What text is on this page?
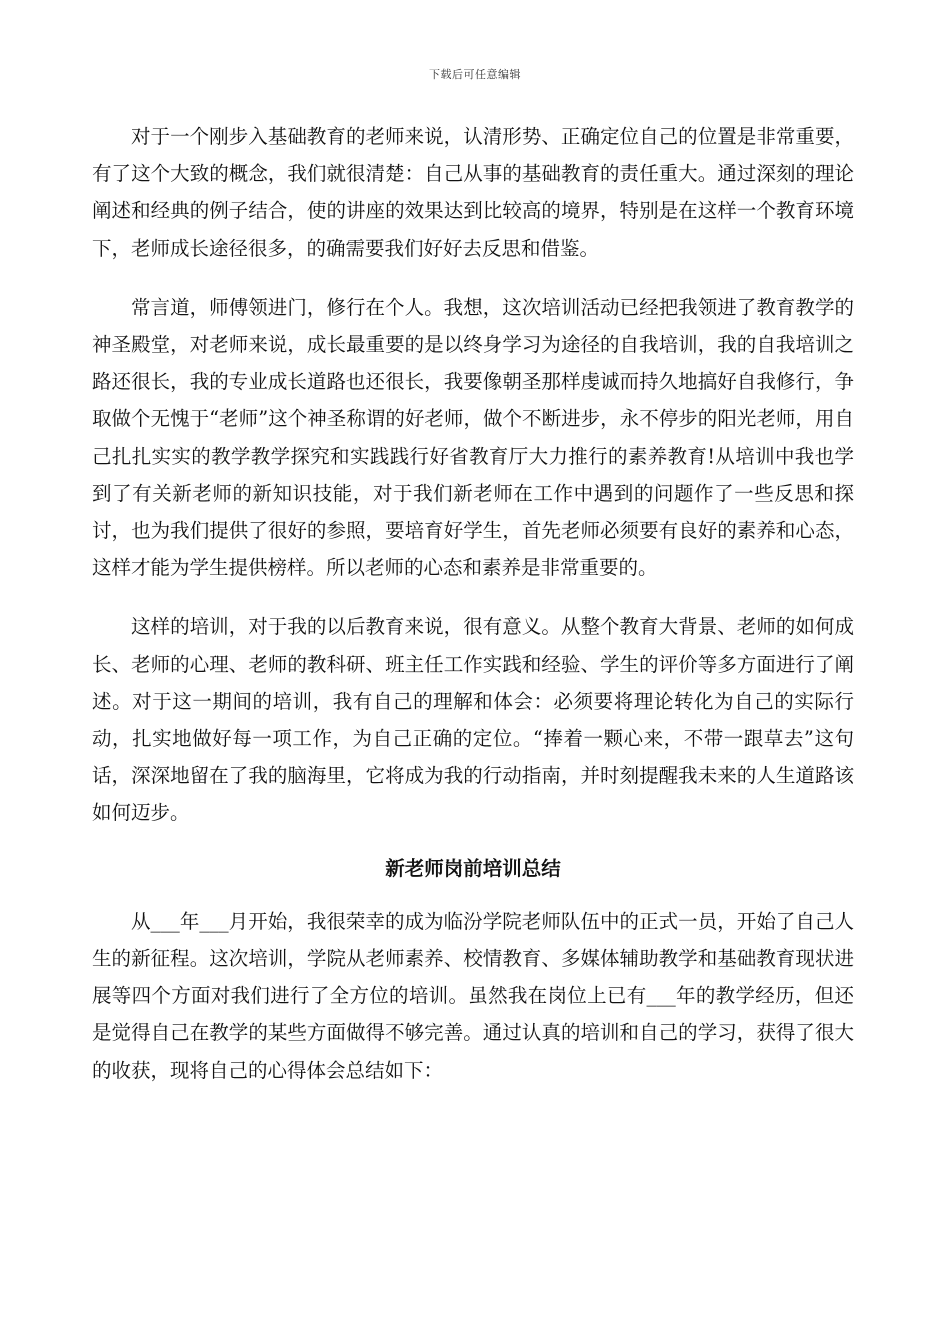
下载后可任意编辑

对于一个刚步入基础教育的老师来说，认清形势、正确定位自己的位置是非常重要，有了这个大致的概念，我们就很清楚：自己从事的基础教育的责任重大。通过深刻的理论阐述和经典的例子结合，使的讲座的效果达到比较高的境界，特别是在这样一个教育环境下，老师成长途径很多，的确需要我们好好去反思和借鉴。

常言道，师傅领进门，修行在个人。我想，这次培训活动已经把我领进了教育教学的神圣殿堂，对老师来说，成长最重要的是以终身学习为途径的自我培训，我的自我培训之路还很长，我的专业成长道路也还很长，我要像朝圣那样虔诚而持久地搞好自我修行，争取做个无愧于“老师”这个神圣称谓的好老师，做个不断进步，永不停步的阳光老师，用自己扎扎实实的教学教学探究和实践践行好省教育厅大力推行的素养教育!从培训中我也学到了有关新老师的新知识技能，对于我们新老师在工作中遇到的问题作了一些反思和探讨，也为我们提供了很好的参照，要培育好学生，首先老师必须要有良好的素养和心态，这样才能为学生提供榜样。所以老师的心态和素养是非常重要的。

这样的培训，对于我的以后教育来说，很有意义。从整个教育大背景、老师的如何成长、老师的心理、老师的教科研、班主任工作实践和经验、学生的评价等多方面进行了阐述。对于这一期间的培训，我有自己的理解和体会：必须要将理论转化为自己的实际行动，扎实地做好每一项工作，为自己正确的定位。“捧着一颗心来，不带一跟草去”这句话，深深地留在了我的脑海里，它将成为我的行动指南，并时刻提醒我未来的人生道路该如何迈步。

新老师岗前培训总结

从___年___月开始，我很荣幸的成为临汾学院老师队伍中的正式一员，开始了自己人生的新征程。这次培训，学院从老师素养、校情教育、多媒体辅助教学和基础教育现状进展等四个方面对我们进行了全方位的培训。虽然我在岗位上已有___年的教学经历，但还是觉得自己在教学的某些方面做得不够完善。通过认真的培训和自己的学习，获得了很大的收获，现将自己的心得体会总结如下：
